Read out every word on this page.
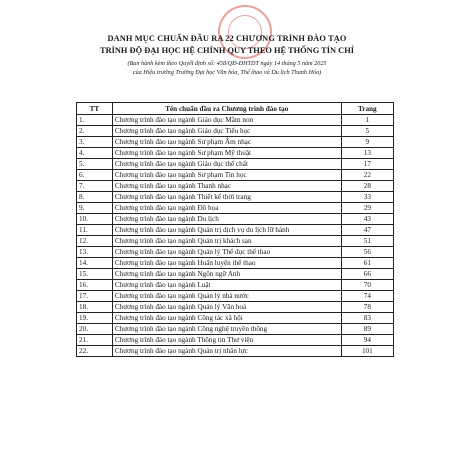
DANH MỤC CHUẨN ĐẦU RA 22 CHƯƠNG TRÌNH ĐÀO TẠO
TRÌNH ĐỘ ĐẠI HỌC HỆ CHÍNH QUY THEO HỆ THỐNG TÍN CHỈ
(Ban hành kèm theo Quyết định số: 458/QĐ-ĐHTDT ngày 14 tháng 5 năm 2025
của Hiệu trưởng Trường Đại học Văn hóa, Thể thao và Du lịch Thanh Hóa)
TT	Tên chuẩn đầu ra Chương trình đào tạo	Trang
1.	Chương trình đào tạo ngành Giáo dục Mầm non	1
2.	Chương trình đào tạo ngành Giáo dục Tiểu học	5
3.	Chương trình đào tạo ngành Sư phạm Âm nhạc	9
4.	Chương trình đào tạo ngành Sư phạm Mỹ thuật	13
5.	Chương trình đào tạo ngành Giáo dục thể chất	17
6.	Chương trình đào tạo ngành Sư phạm Tin học	22
7.	Chương trình đào tạo ngành Thanh nhạc	28
8.	Chương trình đào tạo ngành Thiết kế thời trang	33
9.	Chương trình đào tạo ngành Đồ họa	29
10.	Chương trình đào tạo ngành Du lịch	43
11.	Chương trình đào tạo ngành Quản trị dịch vụ du lịch lữ hành	47
12.	Chương trình đào tạo ngành Quản trị khách sạn	51
13.	Chương trình đào tạo ngành Quản lý Thể dục thể thao	56
14.	Chương trình đào tạo ngành Huấn luyện thể thao	61
15.	Chương trình đào tạo ngành Ngôn ngữ Anh	66
16.	Chương trình đào tạo ngành Luật	70
17.	Chương trình đào tạo ngành Quản lý nhà nước	74
18.	Chương trình đào tạo ngành Quản lý Văn hoá	78
19.	Chương trình đào tạo ngành Công tác xã hội	83
20.	Chương trình đào tạo ngành Công nghệ truyền thông	89
21.	Chương trình đào tạo ngành Thông tin Thư viện	94
22.	Chương trình đào tạo ngành Quản trị nhân lực	101
